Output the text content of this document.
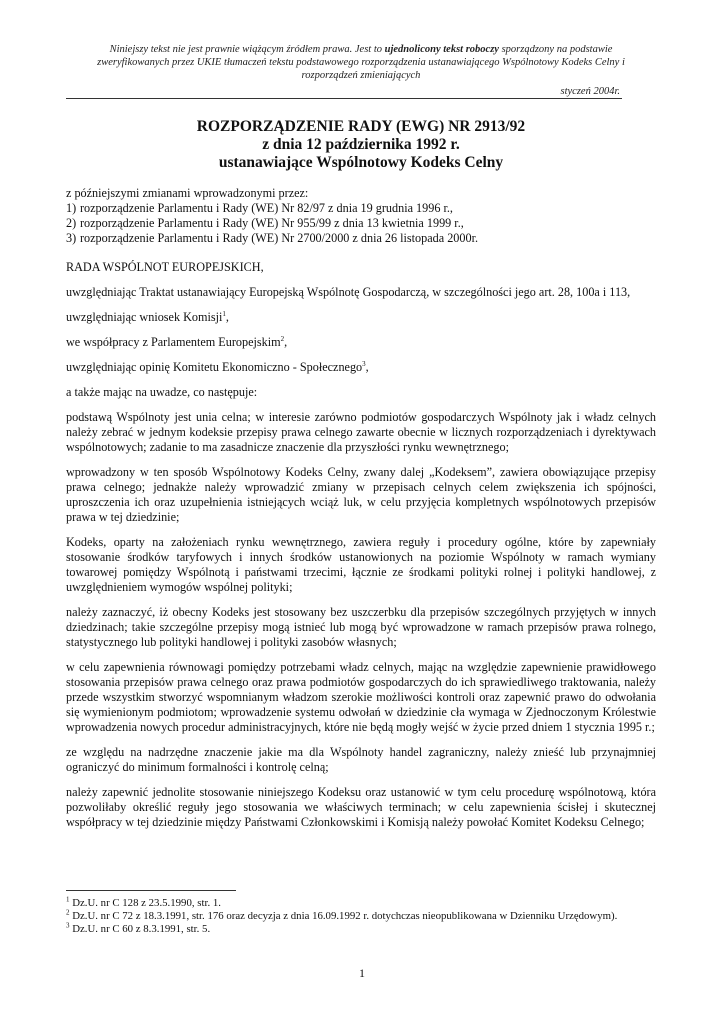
Niniejszy tekst nie jest prawnie wiążącym źródłem prawa. Jest to ujednolicony tekst roboczy sporządzony na podstawie zweryfikowanych przez UKIE tłumaczeń tekstu podstawowego rozporządzenia ustanawiającego Wspólnotowy Kodeks Celny i rozporządzeń zmieniających
styczeń 2004r.
ROZPORZĄDZENIE RADY (EWG) NR 2913/92
z dnia 12 października 1992 r.
ustanawiające Wspólnotowy Kodeks Celny
z późniejszymi zmianami wprowadzonymi przez:
1) rozporządzenie Parlamentu i Rady (WE) Nr 82/97 z dnia 19 grudnia 1996 r.,
2) rozporządzenie Parlamentu i Rady (WE) Nr 955/99 z dnia 13 kwietnia 1999 r.,
3) rozporządzenie Parlamentu i Rady (WE) Nr 2700/2000 z dnia 26 listopada 2000r.

RADA WSPÓLNOT EUROPEJSKICH,

uwzględniając Traktat ustanawiający Europejską Wspólnotę Gospodarczą, w szczególności jego art. 28, 100a i 113,

uwzględniając wniosek Komisji$^1$,

we współpracy z Parlamentem Europejskim$^2$,

uwzględniając opinię Komitetu Ekonomiczno - Społecznego$^3$,

a także mając na uwadze, co następuje:

podstawą Wspólnoty jest unia celna; w interesie zarówno podmiotów gospodarczych Wspólnoty jak i władz celnych należy zebrać w jednym kodeksie przepisy prawa celnego zawarte obecnie w licznych rozporządzeniach i dyrektywach wspólnotowych; zadanie to ma zasadnicze znaczenie dla przyszłości rynku wewnętrznego;

wprowadzony w ten sposób Wspólnotowy Kodeks Celny, zwany dalej „Kodeksem”, zawiera obowiązujące przepisy prawa celnego; jednakże należy wprowadzić zmiany w przepisach celnych celem zwiększenia ich spójności, uproszczenia ich oraz uzupełnienia istniejących wciąż luk, w celu przyjęcia kompletnych wspólnotowych przepisów prawa w tej dziedzinie;

Kodeks, oparty na założeniach rynku wewnętrznego, zawiera reguły i procedury ogólne, które by zapewniały stosowanie środków taryfowych i innych środków ustanowionych na poziomie Wspólnoty w ramach wymiany towarowej pomiędzy Wspólnotą i państwami trzecimi, łącznie ze środkami polityki rolnej i polityki handlowej, z uwzględnieniem wymogów wspólnej polityki;

należy zaznaczyć, iż obecny Kodeks jest stosowany bez uszczerbku dla przepisów szczególnych przyjętych w innych dziedzinach; takie szczególne przepisy mogą istnieć lub mogą być wprowadzone w ramach przepisów prawa rolnego, statystycznego lub polityki handlowej i polityki zasobów własnych;

w celu zapewnienia równowagi pomiędzy potrzebami władz celnych, mając na względzie zapewnienie prawidłowego stosowania przepisów prawa celnego oraz prawa podmiotów gospodarczych do ich sprawiedliwego traktowania, należy przede wszystkim stworzyć wspomnianym władzom szerokie możliwości kontroli oraz zapewnić prawo do odwołania się wymienionym podmiotom; wprowadzenie systemu odwołań w dziedzinie cła wymaga w Zjednoczonym Królestwie wprowadzenia nowych procedur administracyjnych, które nie będą mogły wejść w życie przed dniem 1 stycznia 1995 r.;

ze względu na nadrzędne znaczenie jakie ma dla Wspólnoty handel zagraniczny, należy znieść lub przynajmniej ograniczyć do minimum formalności i kontrolę celną;

należy zapewnić jednolite stosowanie niniejszego Kodeksu oraz ustanowić w tym celu procedurę wspólnotową, która pozwoliłaby określić reguły jego stosowania we właściwych terminach; w celu zapewnienia ścisłej i skutecznej współpracy w tej dziedzinie między Państwami Członkowskimi i Komisją należy powołać Komitet Kodeksu Celnego;

$^1$ Dz.U. nr C 128 z 23.5.1990, str. 1.
$^2$ Dz.U. nr C 72 z 18.3.1991, str. 176 oraz decyzja z dnia 16.09.1992 r. dotychczas nieopublikowana w Dzienniku Urzędowym).
$^3$ Dz.U. nr C 60 z 8.3.1991, str. 5.
1
